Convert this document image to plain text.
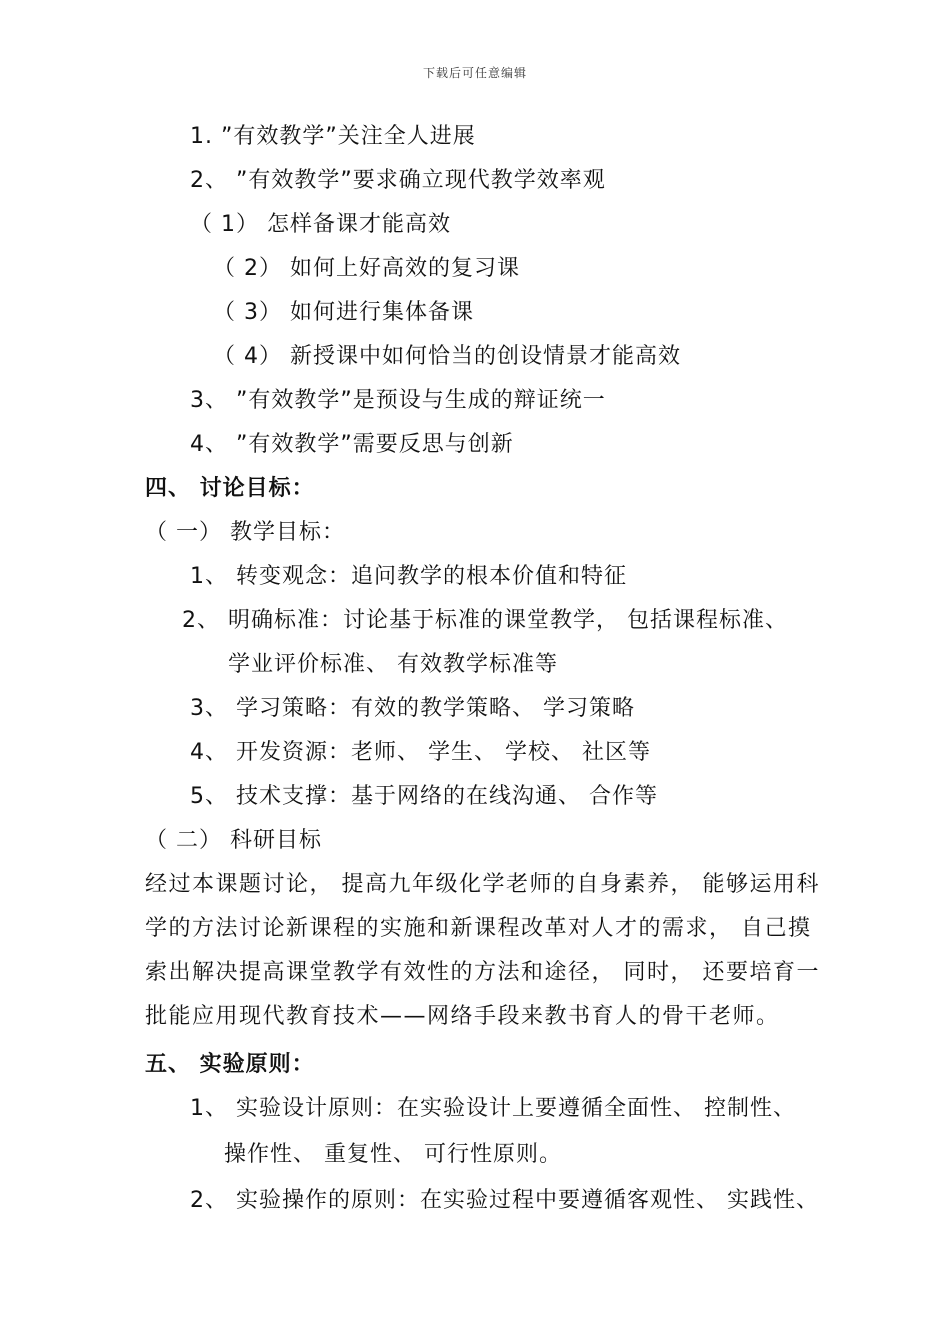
下载后可任意编辑
1. ”有效教学”关注全人进展
2、 ”有效教学”要求确立现代教学效率观
（ 1） 怎样备课才能高效
（ 2） 如何上好高效的复习课
（ 3） 如何进行集体备课
（ 4） 新授课中如何恰当的创设情景才能高效
3、 ”有效教学”是预设与生成的辩证统一
4、 ”有效教学”需要反思与创新
四、 讨论目标：
（ 一） 教学目标：
1、 转变观念：追问教学的根本价值和特征
2、 明确标准：讨论基于标准的课堂教学， 包括课程标准、
学业评价标准、 有效教学标准等
3、 学习策略：有效的教学策略、 学习策略
4、 开发资源：老师、 学生、 学校、 社区等
5、 技术支撑：基于网络的在线沟通、 合作等
（ 二） 科研目标
经过本课题讨论， 提高九年级化学老师的自身素养， 能够运用科
学的方法讨论新课程的实施和新课程改革对人才的需求， 自己摸
索出解决提高课堂教学有效性的方法和途径， 同时， 还要培育一
批能应用现代教育技术——网络手段来教书育人的骨干老师。
五、 实验原则：
1、 实验设计原则：在实验设计上要遵循全面性、 控制性、
操作性、 重复性、 可行性原则。
2、 实验操作的原则：在实验过程中要遵循客观性、 实践性、
